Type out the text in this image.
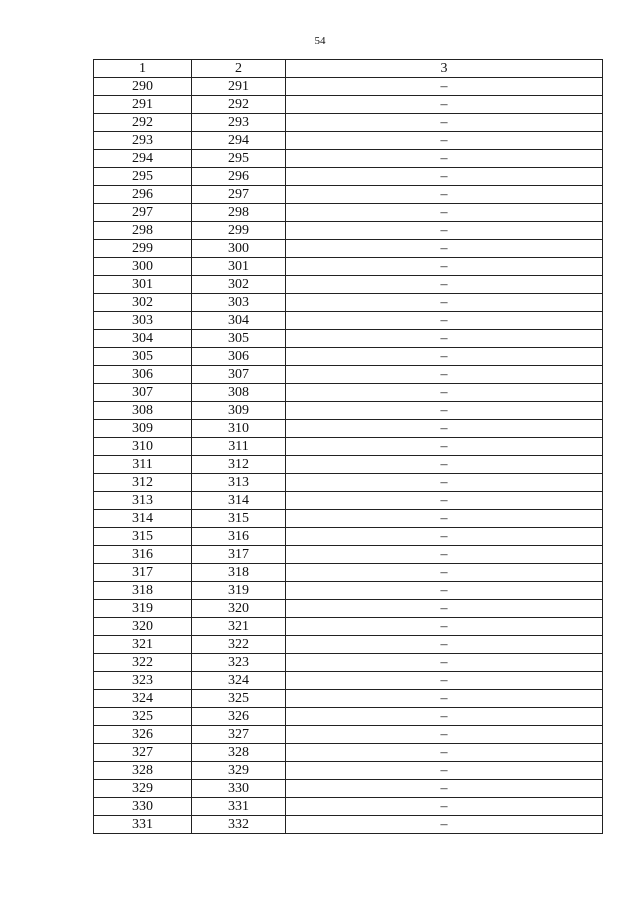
54
1	2	3
290	291	–
291	292	–
292	293	–
293	294	–
294	295	–
295	296	–
296	297	–
297	298	–
298	299	–
299	300	–
300	301	–
301	302	–
302	303	–
303	304	–
304	305	–
305	306	–
306	307	–
307	308	–
308	309	–
309	310	–
310	311	–
311	312	–
312	313	–
313	314	–
314	315	–
315	316	–
316	317	–
317	318	–
318	319	–
319	320	–
320	321	–
321	322	–
322	323	–
323	324	–
324	325	–
325	326	–
326	327	–
327	328	–
328	329	–
329	330	–
330	331	–
331	332	–
